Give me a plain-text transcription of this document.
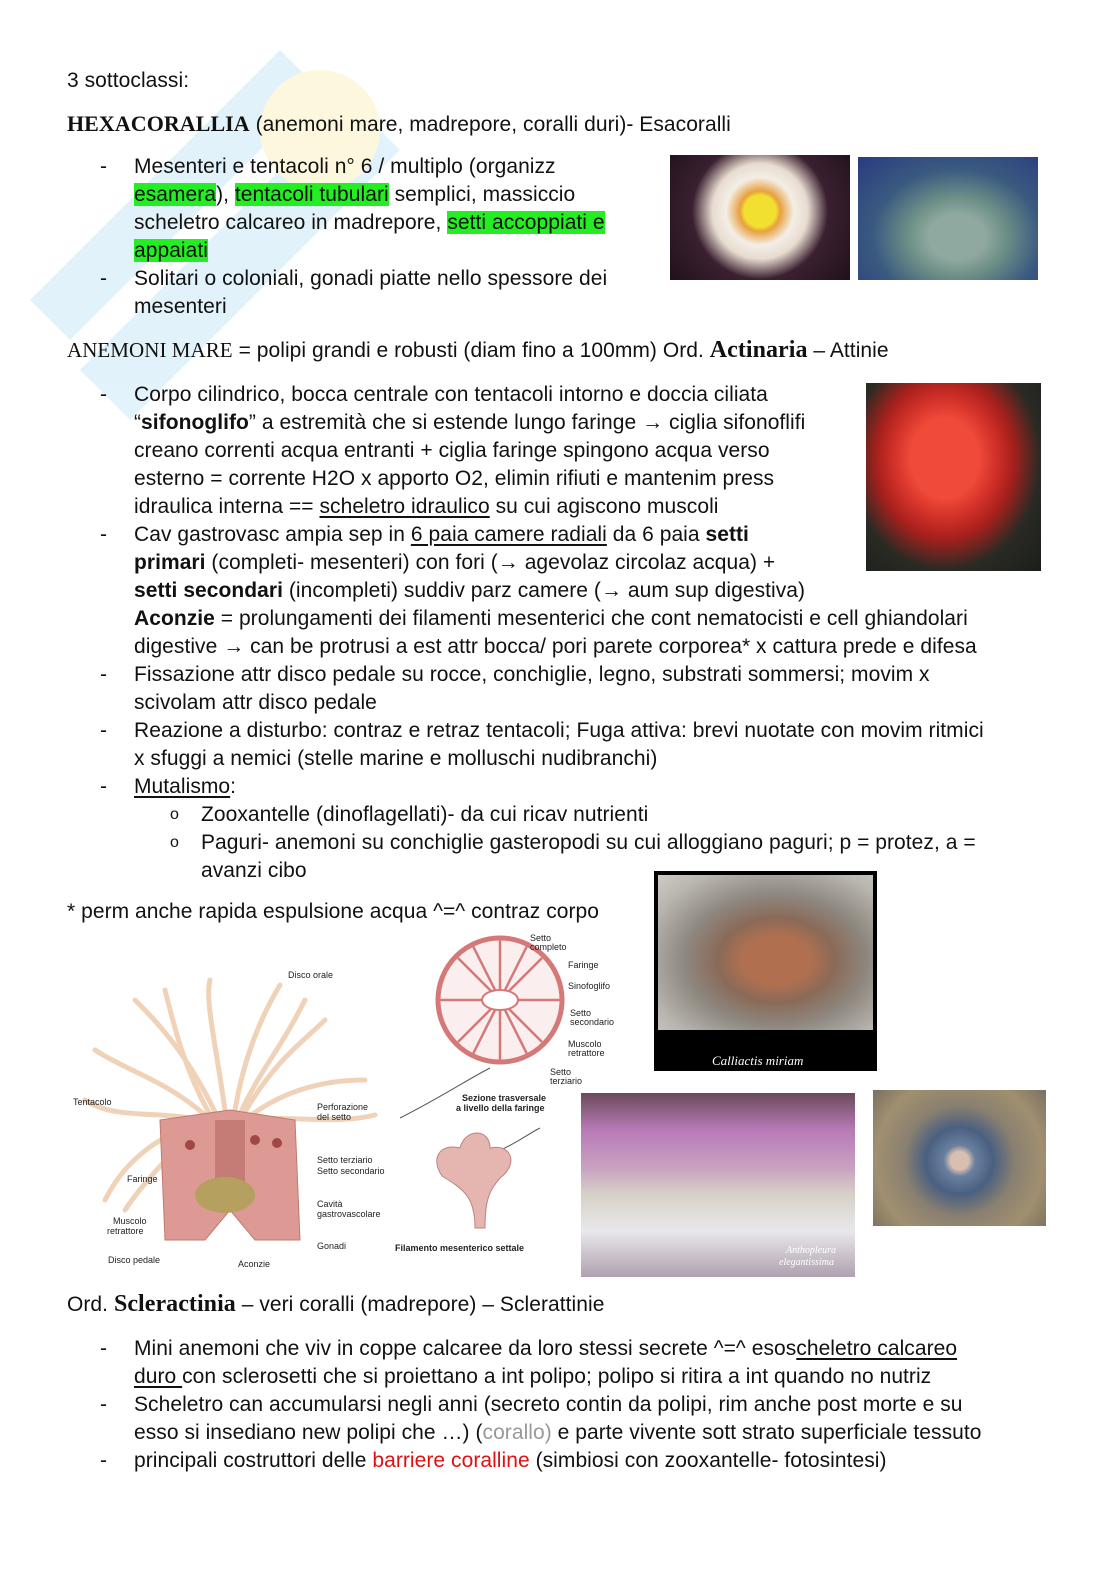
3 sottoclassi:
HEXACORALLIA (anemoni mare, madrepore, coralli duri)- Esacoralli
- Mesenteri e tentacoli n° 6 / multiplo (organizz
esamera), tentacoli tubulari semplici, massiccio
scheletro calcareo in madrepore, setti accoppiati e
appaiati
- Solitari o coloniali, gonadi piatte nello spessore dei
mesenteri
ANEMONI MARE = polipi grandi e robusti (diam fino a 100mm) Ord. Actinaria – Attinie
- Corpo cilindrico, bocca centrale con tentacoli intorno e doccia ciliata
“sifonoglifo” a estremità che si estende lungo faringe → ciglia sifonoflifi
creano correnti acqua entranti + ciglia faringe spingono acqua verso
esterno = corrente H2O x apporto O2, elimin rifiuti e mantenim press
idraulica interna == scheletro idraulico su cui agiscono muscoli
- Cav gastrovasc ampia sep in 6 paia camere radiali da 6 paia setti
primari (completi- mesenteri) con fori (→ agevolaz circolaz acqua) +
setti secondari (incompleti) suddiv parz camere (→ aum sup digestiva)
Aconzie = prolungamenti dei filamenti mesenterici che cont nematocisti e cell ghiandolari
digestive → can be protrusi a est attr bocca/ pori parete corporea* x cattura prede e difesa
- Fissazione attr disco pedale su rocce, conchiglie, legno, substrati sommersi; movim x
scivolam attr disco pedale
- Reazione a disturbo: contraz e retraz tentacoli; Fuga attiva: brevi nuotate con movim ritmici
x sfuggi a nemici (stelle marine e molluschi nudibranchi)
- Mutalismo:
o Zooxantelle (dinoflagellati)- da cui ricav nutrienti
o Paguri- anemoni su conchiglie gasteropodi su cui alloggiano paguri; p = protez, a =
avanzi cibo
* perm anche rapida espulsione acqua ^=^ contraz corpo
Calliactis miriam
Disco orale
Tentacolo	Perforazione
del setto
Setto terziario
Setto secondario
Faringe
Cavità
gastrovascolare
Muscolo
retrattore
Gonadi
Disco pedale	Aconzie
Setto
completo
Faringe
Sinofoglifo
Setto
secondario
Muscolo
retrattore
Setto
terziario
Sezione trasversale
a livello della faringe
Filamento mesenterico settale	Anthopleura
elegantissima
Ord. Scleractinia – veri coralli (madrepore) – Sclerattinie
- Mini anemoni che viv in coppe calcaree da loro stessi secrete ^=^ esoscheletro calcareo
duro con sclerosetti che si proiettano a int polipo; polipo si ritira a int quando no nutriz
- Scheletro can accumularsi negli anni (secreto contin da polipi, rim anche post morte e su
esso si insediano new polipi che …) (corallo) e parte vivente sott strato superficiale tessuto
- principali costruttori delle barriere coralline (simbiosi con zooxantelle- fotosintesi)
